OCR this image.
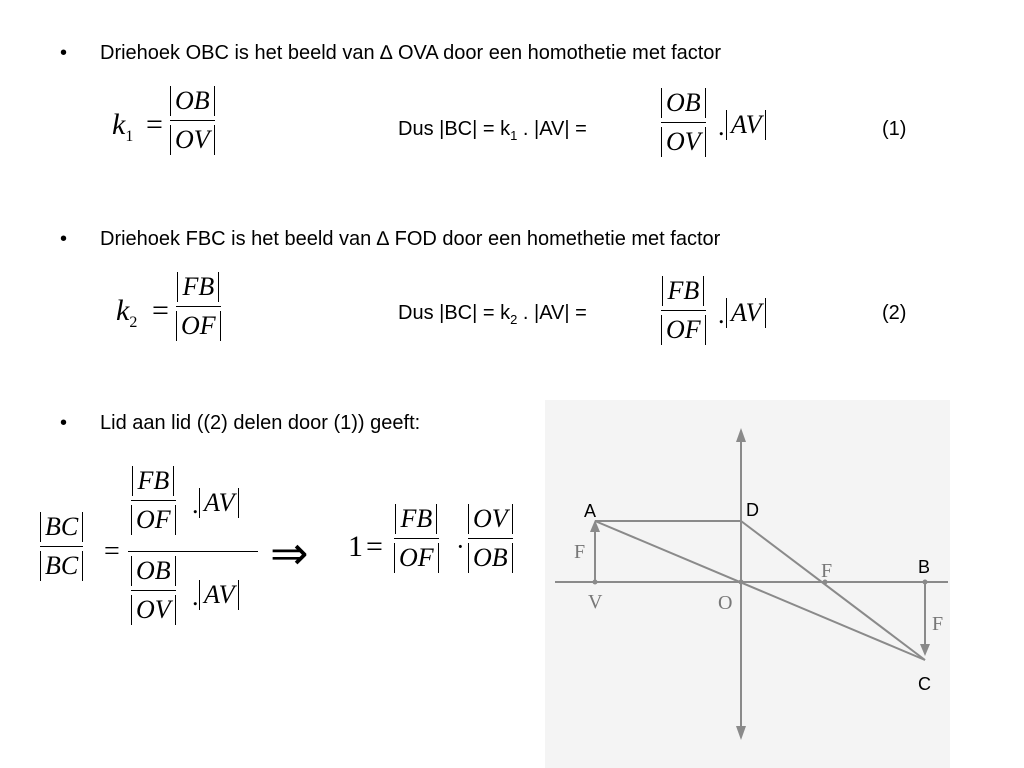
• Driehoek OBC is het beeld van ∆ OVA door een homothetie met factor
$k_1$ =
OB
OV	Dus $|BC| = k_1$ . |AV| =
OB
OV
. AV	(1)
• Driehoek FBC is het beeld van ∆ FOD door een homethetie met factor
$k_2$ =
FB
OF	Dus $|BC| = k_2$ . |AV| =
FB
OF
. AV	(2)
• Lid aan lid ((2) delen door (1)) geeft:
BC
BC =
FB
OF
. AV
OB
OV . AV
⇒ 1 =
FB
OF ·
OV
OB
A	D
B
C
V	O
F
F
F
